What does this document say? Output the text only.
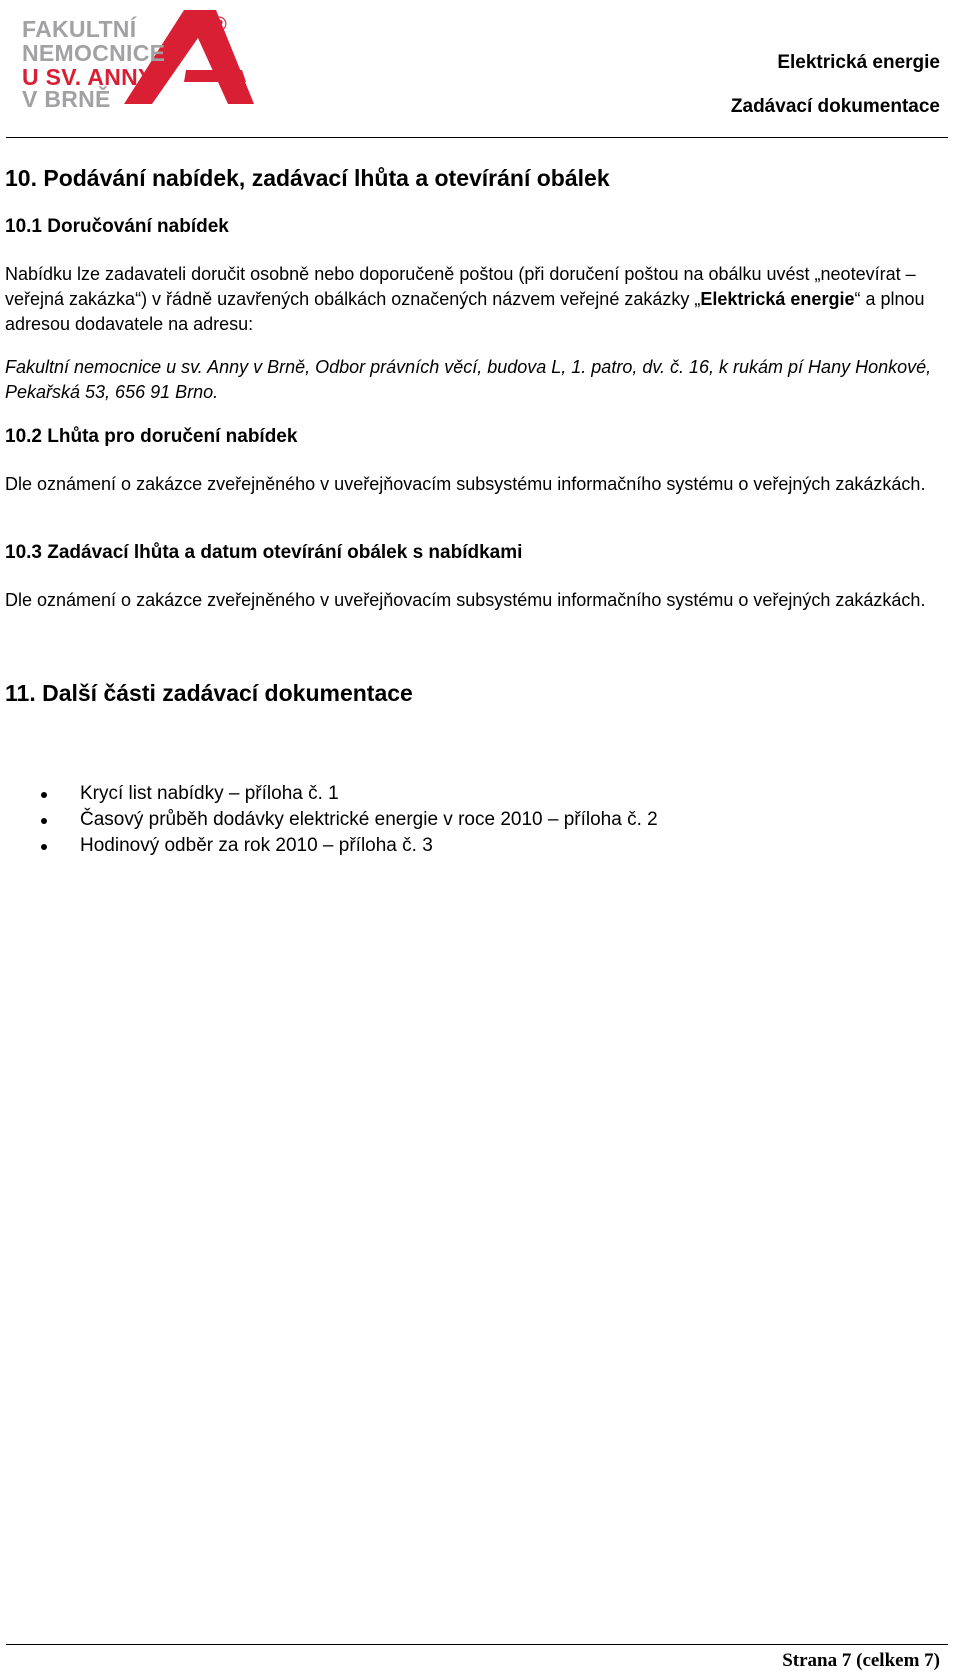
FAKULTNÍ
NEMOCNICE
U SV. ANNY
V BRNĚ
®
Elektrická energie
Zadávací dokumentace
10. Podávání nabídek, zadávací lhůta a otevírání obálek
10.1 Doručování nabídek
Nabídku lze zadavateli doručit osobně nebo doporučeně poštou (při doručení poštou na obálku uvést „neotevírat – veřejná zakázka“) v řádně uzavřených obálkách označených názvem veřejné zakázky „Elektrická energie“ a plnou adresou dodavatele na adresu:
Fakultní nemocnice u sv. Anny v Brně, Odbor právních věcí, budova L, 1. patro, dv. č. 16, k rukám pí Hany Honkové, Pekařská 53, 656 91 Brno.
10.2 Lhůta pro doručení nabídek
Dle oznámení o zakázce zveřejněného v uveřejňovacím subsystému informačního systému o veřejných zakázkách.
10.3 Zadávací lhůta a datum otevírání obálek s nabídkami
Dle oznámení o zakázce zveřejněného v uveřejňovacím subsystému informačního systému o veřejných zakázkách.
11. Další části zadávací dokumentace
Krycí list nabídky – příloha č. 1
Časový průběh dodávky elektrické energie v roce 2010 – příloha č. 2
Hodinový odběr za rok 2010 – příloha č. 3
Strana 7 (celkem 7)
